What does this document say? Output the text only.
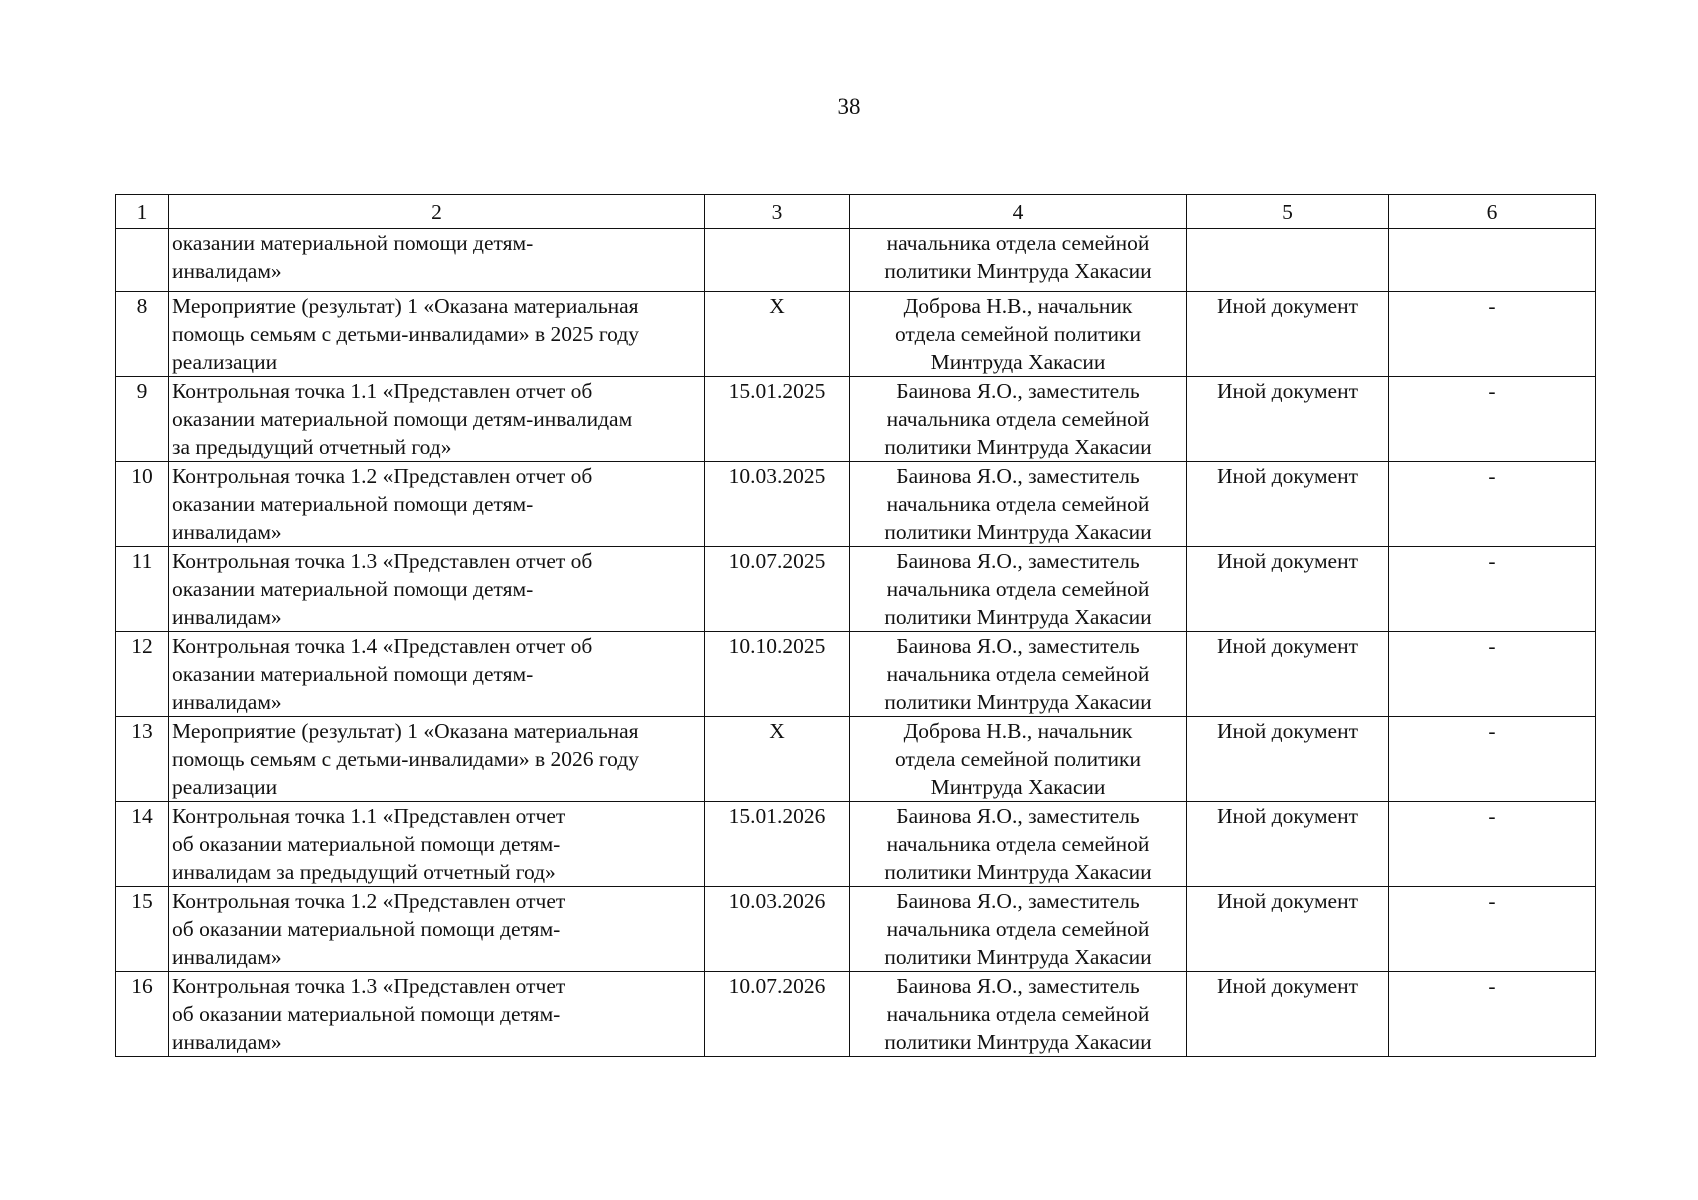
38
1	2	3	4	5	6
	оказании материальной помощи детям-
инвалидам»		начальника отдела семейной
политики Минтруда Хакасии		
8	Мероприятие (результат) 1 «Оказана материальная
помощь семьям с детьми-инвалидами» в 2025 году
реализации	X	Доброва Н.В., начальник
отдела семейной политики
Минтруда Хакасии	Иной документ	-
9	Контрольная точка 1.1 «Представлен отчет об
оказании материальной помощи детям-инвалидам
за предыдущий отчетный год»	15.01.2025	Баинова Я.О., заместитель
начальника отдела семейной
политики Минтруда Хакасии	Иной документ	-
10	Контрольная точка 1.2 «Представлен отчет об
оказании материальной помощи детям-
инвалидам»	10.03.2025	Баинова Я.О., заместитель
начальника отдела семейной
политики Минтруда Хакасии	Иной документ	-
11	Контрольная точка 1.3 «Представлен отчет об
оказании материальной помощи детям-
инвалидам»	10.07.2025	Баинова Я.О., заместитель
начальника отдела семейной
политики Минтруда Хакасии	Иной документ	-
12	Контрольная точка 1.4 «Представлен отчет об
оказании материальной помощи детям-
инвалидам»	10.10.2025	Баинова Я.О., заместитель
начальника отдела семейной
политики Минтруда Хакасии	Иной документ	-
13	Мероприятие (результат) 1 «Оказана материальная
помощь семьям с детьми-инвалидами» в 2026 году
реализации	X	Доброва Н.В., начальник
отдела семейной политики
Минтруда Хакасии	Иной документ	-
14	Контрольная точка 1.1 «Представлен отчет
об оказании материальной помощи детям-
инвалидам за предыдущий отчетный год»	15.01.2026	Баинова Я.О., заместитель
начальника отдела семейной
политики Минтруда Хакасии	Иной документ	-
15	Контрольная точка 1.2 «Представлен отчет
об оказании материальной помощи детям-
инвалидам»	10.03.2026	Баинова Я.О., заместитель
начальника отдела семейной
политики Минтруда Хакасии	Иной документ	-
16	Контрольная точка 1.3 «Представлен отчет
об оказании материальной помощи детям-
инвалидам»	10.07.2026	Баинова Я.О., заместитель
начальника отдела семейной
политики Минтруда Хакасии	Иной документ	-
